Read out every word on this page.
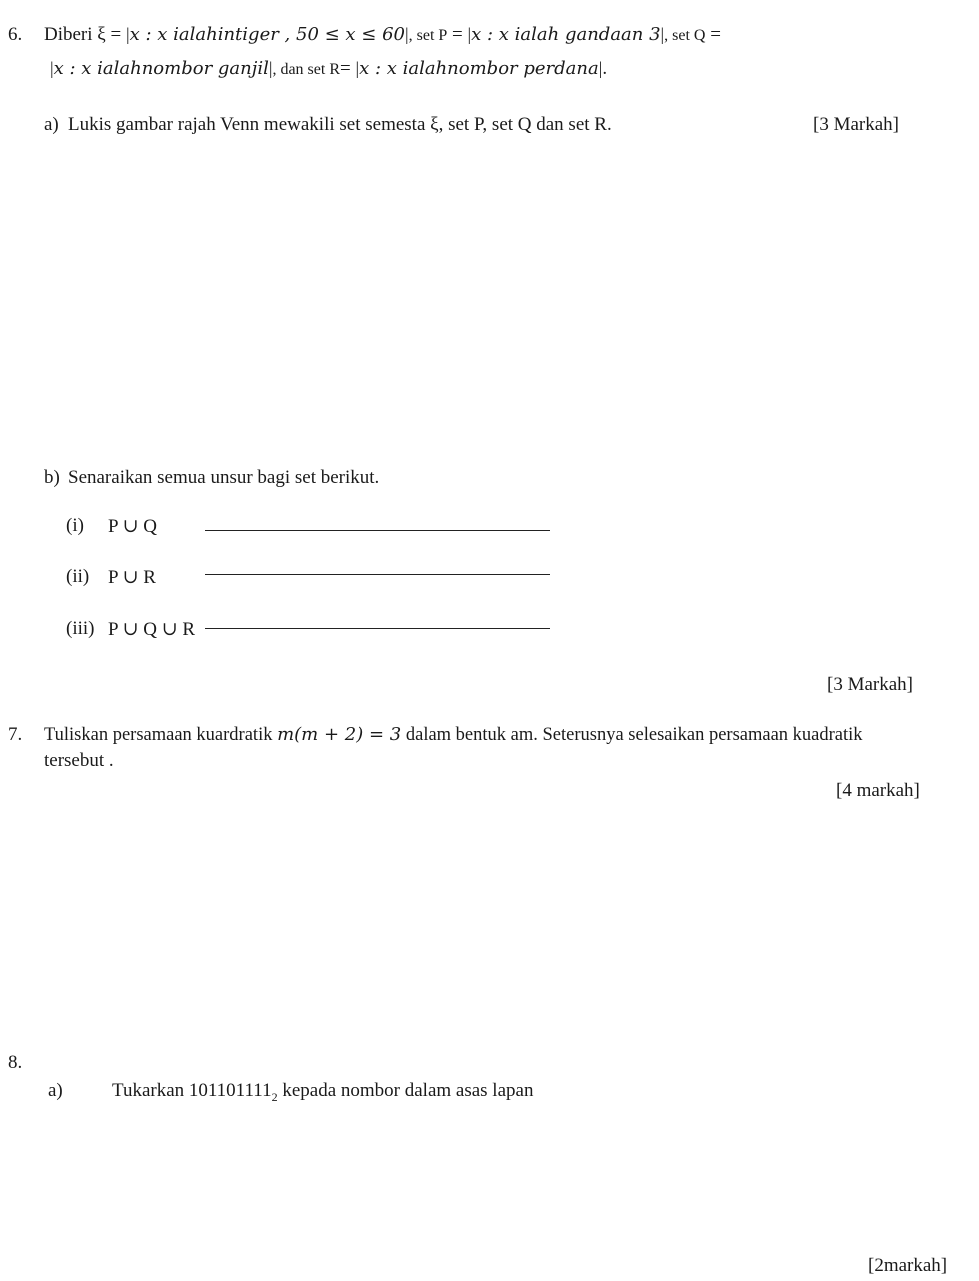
6. Diberi ξ = |x : x ialahintiger , 50 ≤ x ≤ 60|, set P = |x : x ialah gandaan 3|, set Q =
|x : x ialahnombor ganjil|, dan set R= |x : x ialahnombor perdana|.
a) Lukis gambar rajah Venn mewakili set semesta ξ, set P, set Q dan set R.	[3 Markah]
b) Senaraikan semua unsur bagi set berikut.
(i) P ∪ Q
(ii) P ∪ R
(iii) P ∪ Q ∪ R
[3 Markah]
7. Tuliskan persamaan kuardratik m(m + 2) = 3 dalam bentuk am. Seterusnya selesaikan persamaan kuadratik
tersebut .
[4 markah]
8.
a)	Tukarkan $101101111_2$ kepada nombor dalam asas lapan
[2markah]
